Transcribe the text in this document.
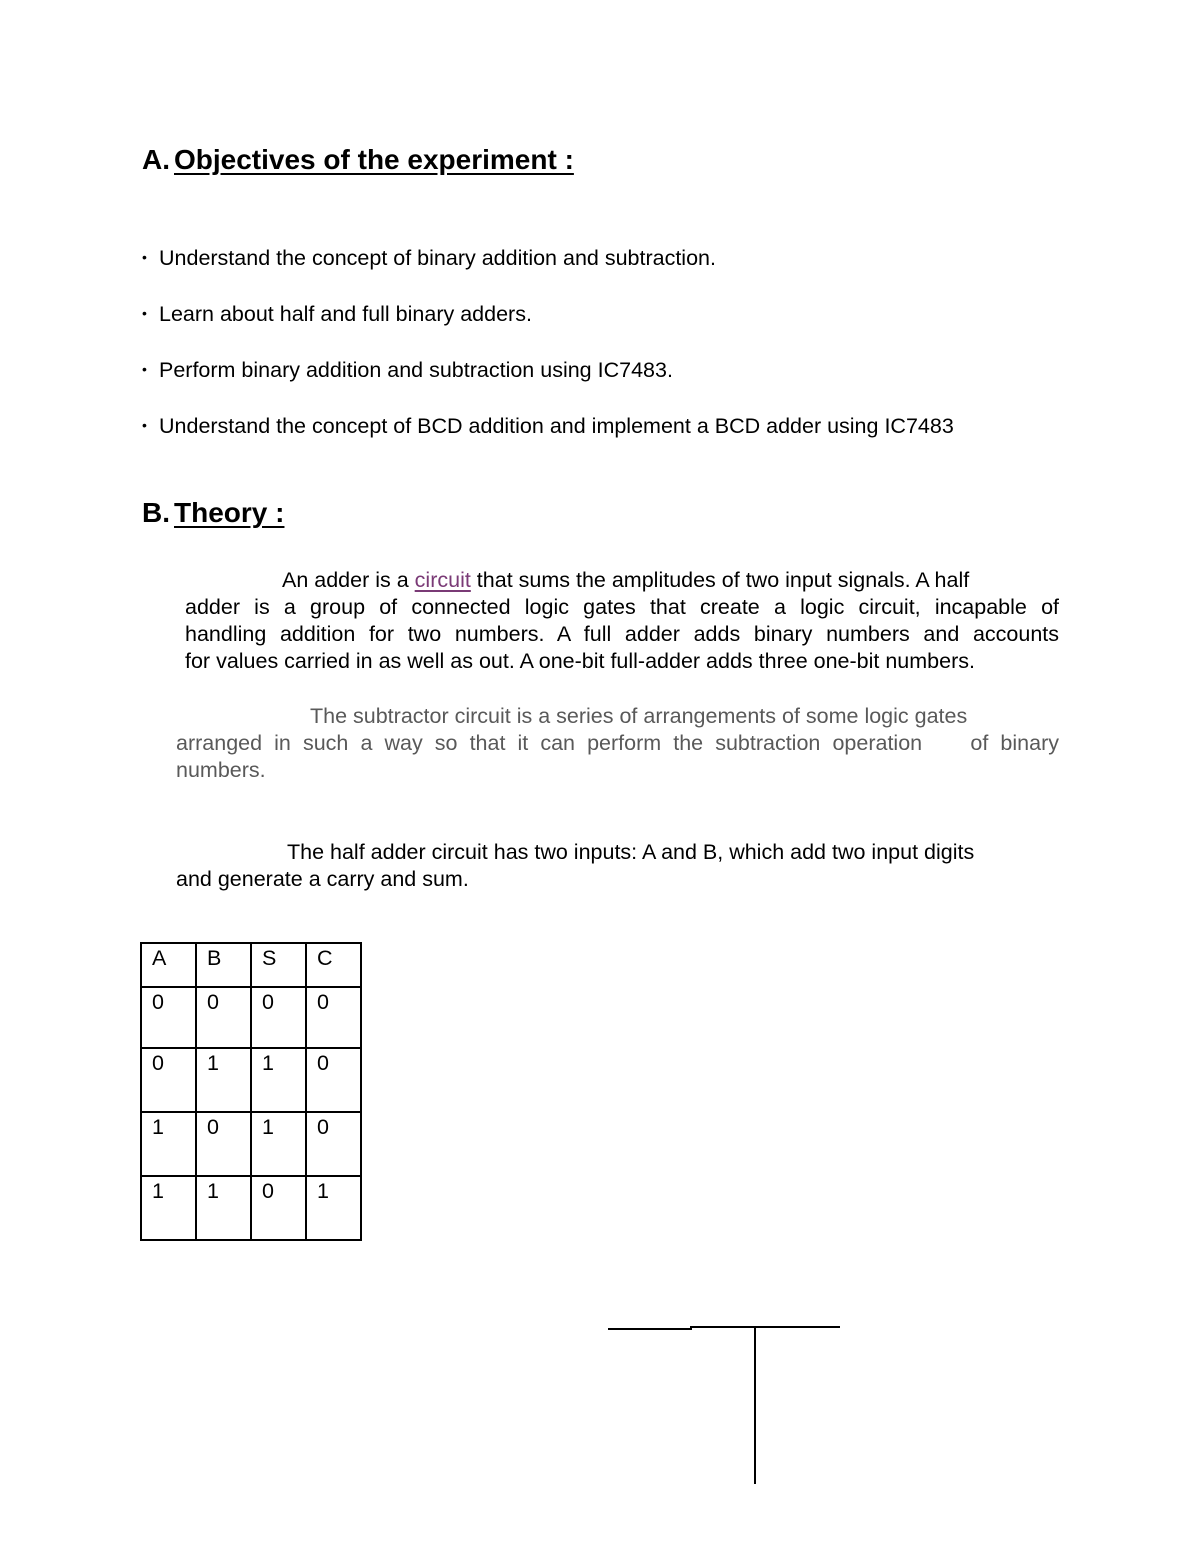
A. Objectives of the experiment :
• Understand the concept of binary addition and subtraction.
• Learn about half and full binary adders.
• Perform binary addition and subtraction using IC7483.
• Understand the concept of BCD addition and implement a BCD adder using IC7483
B. Theory :
An adder is a circuit that sums the amplitudes of two input signals. A half
adder is a group of connected logic gates that create a logic circuit, incapable of
handling addition for two numbers. A full adder adds binary numbers and accounts
for values carried in as well as out. A one-bit full-adder adds three one-bit numbers.
The subtractor circuit is a series of arrangements of some logic gates
arranged in such a way so that it can perform the subtraction operation    of binary
numbers.
The half adder circuit has two inputs: A and B, which add two input digits
and generate a carry and sum.
A	B	S	C
0	0	0	0
0	1	1	0
1	0	1	0
1	1	0	1
